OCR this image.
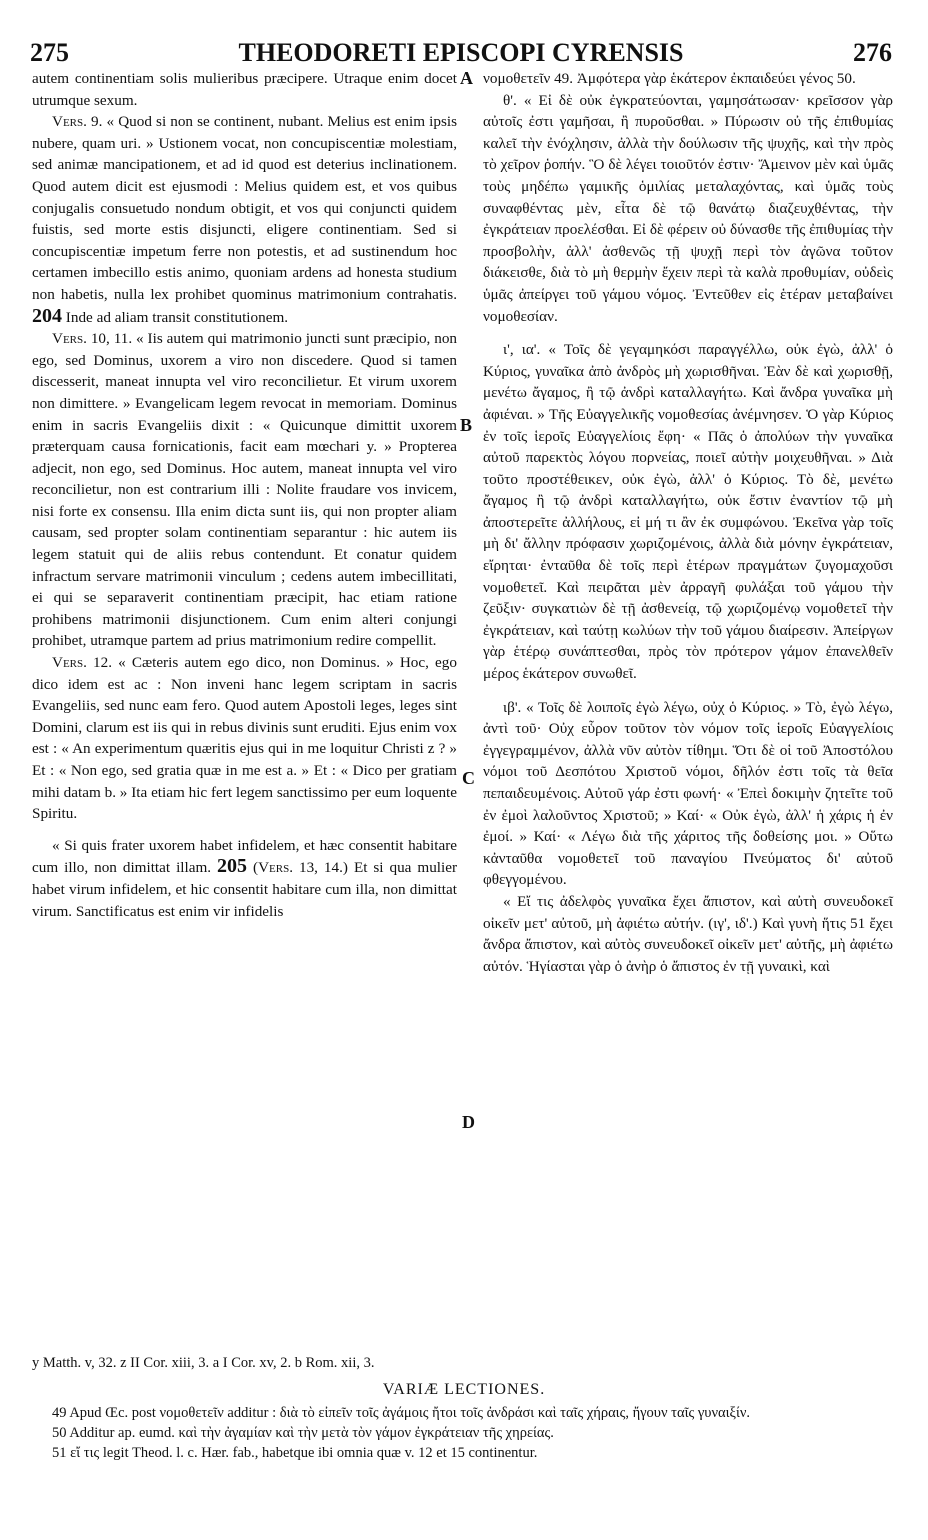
275	THEODORETI EPISCOPI CYRENSIS	276

autem continentiam solis mulieribus præcipere. Utraque enim docet utrumque sexum.

Vers. 9. « Quod si non se continent, nubant. Melius est enim ipsis nubere, quam uri. » Ustionem vocat, non concupiscentiæ molestiam, sed animæ mancipationem, et ad id quod est deterius inclinationem. Quod autem dicit est ejusmodi : Melius quidem est, et vos quibus conjugalis consuetudo nondum obtigit, et vos qui conjuncti quidem fuistis, sed morte estis disjuncti, eligere continentiam. Sed si concupiscentiæ impetum ferre non potestis, et ad sustinendum hoc certamen imbecillo estis animo, quoniam ardens ad honesta studium non habetis, nulla lex prohibet quominus matrimonium contrahatis. 204 Inde ad aliam transit constitutionem.

Vers. 10, 11. « Iis autem qui matrimonio juncti sunt præcipio, non ego, sed Dominus, uxorem a viro non discedere. Quod si tamen discesserit, maneat innupta vel viro reconcilietur. Et virum uxorem non dimittere. » Evangelicam legem revocat in memoriam. Dominus enim in sacris Evangeliis dixit : « Quicunque dimittit uxorem præterquam causa fornicationis, facit eam mœchari y. » Propterea adjecit, non ego, sed Dominus. Hoc autem, maneat innupta vel viro reconcilietur, non est contrarium illi : Nolite fraudare vos invicem, nisi forte ex consensu. Illa enim dicta sunt iis, qui non propter aliam causam, sed propter solam continentiam separantur : hic autem iis legem statuit qui de aliis rebus contendunt. Et conatur quidem infractum servare matrimonii vinculum ; cedens autem imbecillitati, ei qui se separaverit continentiam præcipit, hac etiam ratione prohibens matrimonii disjunctionem. Cum enim alteri conjungi prohibet, utramque partem ad prius matrimonium redire compellit.

Vers. 12. « Cæteris autem ego dico, non Dominus. » Hoc, ego dico idem est ac : Non inveni hanc legem scriptam in sacris Evangeliis, sed nunc eam fero. Quod autem Apostoli leges, leges sint Domini, clarum est iis qui in rebus divinis sunt eruditi. Ejus enim vox est : « An experimentum quæritis ejus qui in me loquitur Christi z ? » Et : « Non ego, sed gratia quæ in me est a. » Et : « Dico per gratiam mihi datam b. » Ita etiam hic fert legem sanctissimo per eum loquente Spiritu.

« Si quis frater uxorem habet infidelem, et hæc consentit habitare cum illo, non dimittat illam. 205 (Vers. 13, 14.) Et si qua mulier habet virum infidelem, et hic consentit habitare cum illa, non dimittat virum. Sanctificatus est enim vir infidelis

A
B
C
D

νομοθετεῖν 49. Ἀμφότερα γὰρ ἑκάτερον ἐκπαιδεύει γένος 50.

θ'. « Εἰ δὲ οὐκ ἐγκρατεύονται, γαμησάτωσαν· κρεῖσσον γὰρ αὐτοῖς ἐστι γαμῆσαι, ἢ πυροῦσθαι. » Πύρωσιν οὐ τῆς ἐπιθυμίας καλεῖ τὴν ἐνόχλησιν, ἀλλὰ τὴν δούλωσιν τῆς ψυχῆς, καὶ τὴν πρὸς τὸ χεῖρον ῥοπήν. Ὃ δὲ λέγει τοιοῦτόν ἐστιν· Ἄμεινον μὲν καὶ ὑμᾶς τοὺς μηδέπω γαμικῆς ὁμιλίας μεταλαχόντας, καὶ ὑμᾶς τοὺς συναφθέντας μὲν, εἶτα δὲ τῷ θανάτῳ διαζευχθέντας, τὴν ἐγκράτειαν προελέσθαι. Εἰ δὲ φέρειν οὐ δύνασθε τῆς ἐπιθυμίας τὴν προσβολὴν, ἀλλ' ἀσθενῶς τῇ ψυχῇ περὶ τὸν ἀγῶνα τοῦτον διάκεισθε, διὰ τὸ μὴ θερμὴν ἔχειν περὶ τὰ καλὰ προθυμίαν, οὐδεὶς ὑμᾶς ἀπείργει τοῦ γάμου νόμος. Ἐντεῦθεν εἰς ἑτέραν μεταβαίνει νομοθεσίαν.

ι', ια'. « Τοῖς δὲ γεγαμηκόσι παραγγέλλω, οὐκ ἐγὼ, ἀλλ' ὁ Κύριος, γυναῖκα ἀπὸ ἀνδρὸς μὴ χωρισθῆναι. Ἐὰν δὲ καὶ χωρισθῇ, μενέτω ἄγαμος, ἢ τῷ ἀνδρὶ καταλλαγήτω. Καὶ ἄνδρα γυναῖκα μὴ ἀφιέναι. » Τῆς Εὐαγγελικῆς νομοθεσίας ἀνέμνησεν. Ὁ γὰρ Κύριος ἐν τοῖς ἱεροῖς Εὐαγγελίοις ἔφη· « Πᾶς ὁ ἀπολύων τὴν γυναῖκα αὐτοῦ παρεκτὸς λόγου πορνείας, ποιεῖ αὐτὴν μοιχευθῆναι. » Διὰ τοῦτο προστέθεικεν, οὐκ ἐγὼ, ἀλλ' ὁ Κύριος. Τὸ δὲ, μενέτω ἄγαμος ἢ τῷ ἀνδρὶ καταλλαγήτω, οὐκ ἔστιν ἐναντίον τῷ μὴ ἀποστερεῖτε ἀλλήλους, εἰ μή τι ἂν ἐκ συμφώνου. Ἐκεῖνα γὰρ τοῖς μὴ δι' ἄλλην πρόφασιν χωριζομένοις, ἀλλὰ διὰ μόνην ἐγκράτειαν, εἴρηται· ἐνταῦθα δὲ τοῖς περὶ ἑτέρων πραγμάτων ζυγομαχοῦσι νομοθετεῖ. Καὶ πειρᾶται μὲν ἀρραγῆ φυλάξαι τοῦ γάμου τὴν ζεῦξιν· συγκατιὼν δὲ τῇ ἀσθενείᾳ, τῷ χωριζομένῳ νομοθετεῖ τὴν ἐγκράτειαν, καὶ ταύτῃ κωλύων τὴν τοῦ γάμου διαίρεσιν. Ἀπείργων γὰρ ἑτέρῳ συνάπτεσθαι, πρὸς τὸν πρότερον γάμον ἐπανελθεῖν μέρος ἑκάτερον συνωθεῖ.

ιβ'. « Τοῖς δὲ λοιποῖς ἐγὼ λέγω, οὐχ ὁ Κύριος. » Τὸ, ἐγὼ λέγω, ἀντὶ τοῦ· Οὐχ εὗρον τοῦτον τὸν νόμον τοῖς ἱεροῖς Εὐαγγελίοις ἐγγεγραμμένον, ἀλλὰ νῦν αὐτὸν τίθημι. Ὅτι δὲ οἱ τοῦ Ἀποστόλου νόμοι τοῦ Δεσπότου Χριστοῦ νόμοι, δῆλόν ἐστι τοῖς τὰ θεῖα πεπαιδευμένοις. Αὐτοῦ γάρ ἐστι φωνή· « Ἐπεὶ δοκιμὴν ζητεῖτε τοῦ ἐν ἐμοὶ λαλοῦντος Χριστοῦ; » Καί· « Οὐκ ἐγὼ, ἀλλ' ἡ χάρις ἡ ἐν ἐμοί. » Καί· « Λέγω διὰ τῆς χάριτος τῆς δοθείσης μοι. » Οὕτω κἀνταῦθα νομοθετεῖ τοῦ παναγίου Πνεύματος δι' αὐτοῦ φθεγγομένου.

« Εἴ τις ἀδελφὸς γυναῖκα ἔχει ἄπιστον, καὶ αὐτὴ συνευδοκεῖ οἰκεῖν μετ' αὐτοῦ, μὴ ἀφιέτω αὐτήν. (ιγ', ιδ'.) Καὶ γυνὴ ἥτις 51 ἔχει ἄνδρα ἄπιστον, καὶ αὐτὸς συνευδοκεῖ οἰκεῖν μετ' αὐτῆς, μὴ ἀφιέτω αὐτόν. Ἡγίασται γὰρ ὁ ἀνὴρ ὁ ἄπιστος ἐν τῇ γυναικὶ, καὶ

y Matth. v, 32. z II Cor. xiii, 3. a I Cor. xv, 2. b Rom. xii, 3.
VARIÆ LECTIONES.

49 Apud Œc. post νομοθετεῖν additur : διὰ τὸ εἰπεῖν τοῖς ἀγάμοις ἤτοι τοῖς ἀνδράσι καὶ ταῖς χήραις, ἤγουν ταῖς γυναιξίν.

50 Additur ap. eumd. καὶ τὴν ἀγαμίαν καὶ τὴν μετὰ τὸν γάμον ἐγκράτειαν τῆς χηρείας.

51 εἴ τις legit Theod. l. c. Hær. fab., habetque ibi omnia quæ v. 12 et 15 continentur.
